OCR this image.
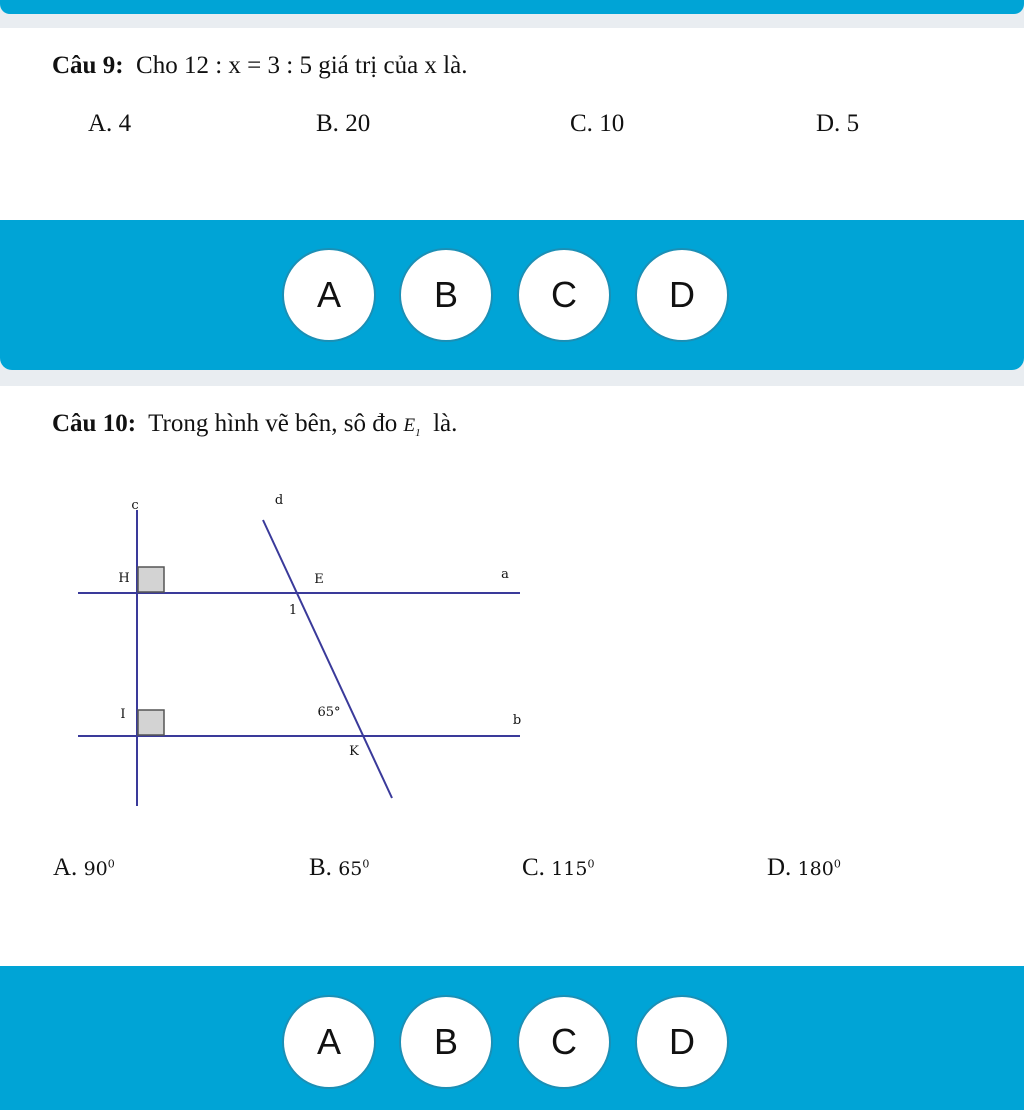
Câu 9: Cho 12 : x = 3 : 5 giá trị của x là.
A. 4	B. 20	C. 10	D. 5
A	B	C	D
Câu 10: Trong hình vẽ bên, sô đo $E_1$ là.
c	d
H	E	a
1
I	65°
b
K
A. $90^0$	B. $65^0$	C. $115^0$	D. $180^0$
A	B	C	D
